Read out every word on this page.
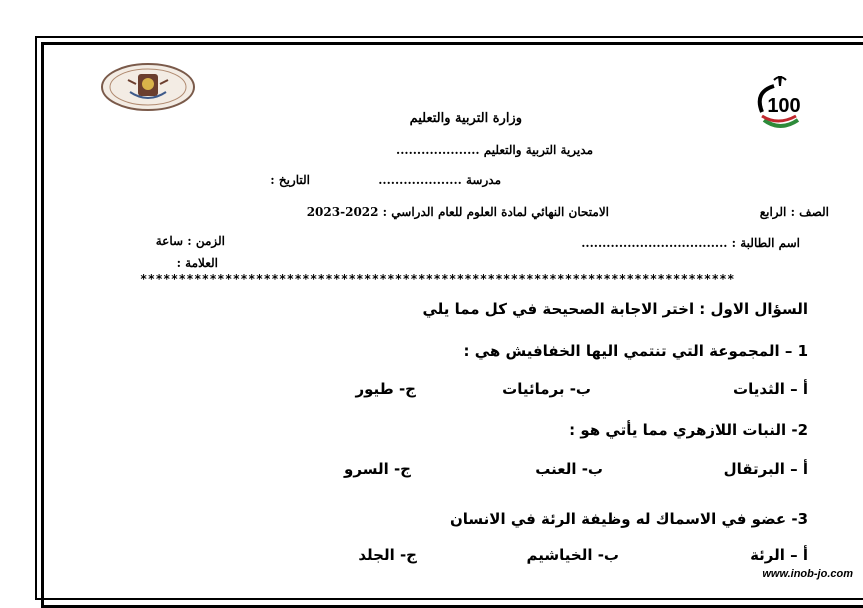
100
وزارة التربية والتعليم
مديرية التربية والتعليم ....................
مدرسة ....................
التاريخ :
الصف : الرابع
الامتحان النهائي لمادة العلوم للعام الدراسي : 2022-2023
اسم الطالبة : ...................................
الزمن : ساعة
العلامة :
*****************************************************************************
السؤال الاول : اختر الاجابة الصحيحة في كل مما يلي
1 – المجموعة التي تنتمي اليها الخفافيش هي :
أ – الثديات
ب- برمائيات
ج- طيور
2- النبات اللازهري مما يأتي هو :
أ – البرتقال
ب- العنب
ج- السرو
3- عضو في الاسماك له وظيفة الرئة في الانسان
أ – الرئة
ب- الخياشيم
ج- الجلد
www.inob-jo.com
